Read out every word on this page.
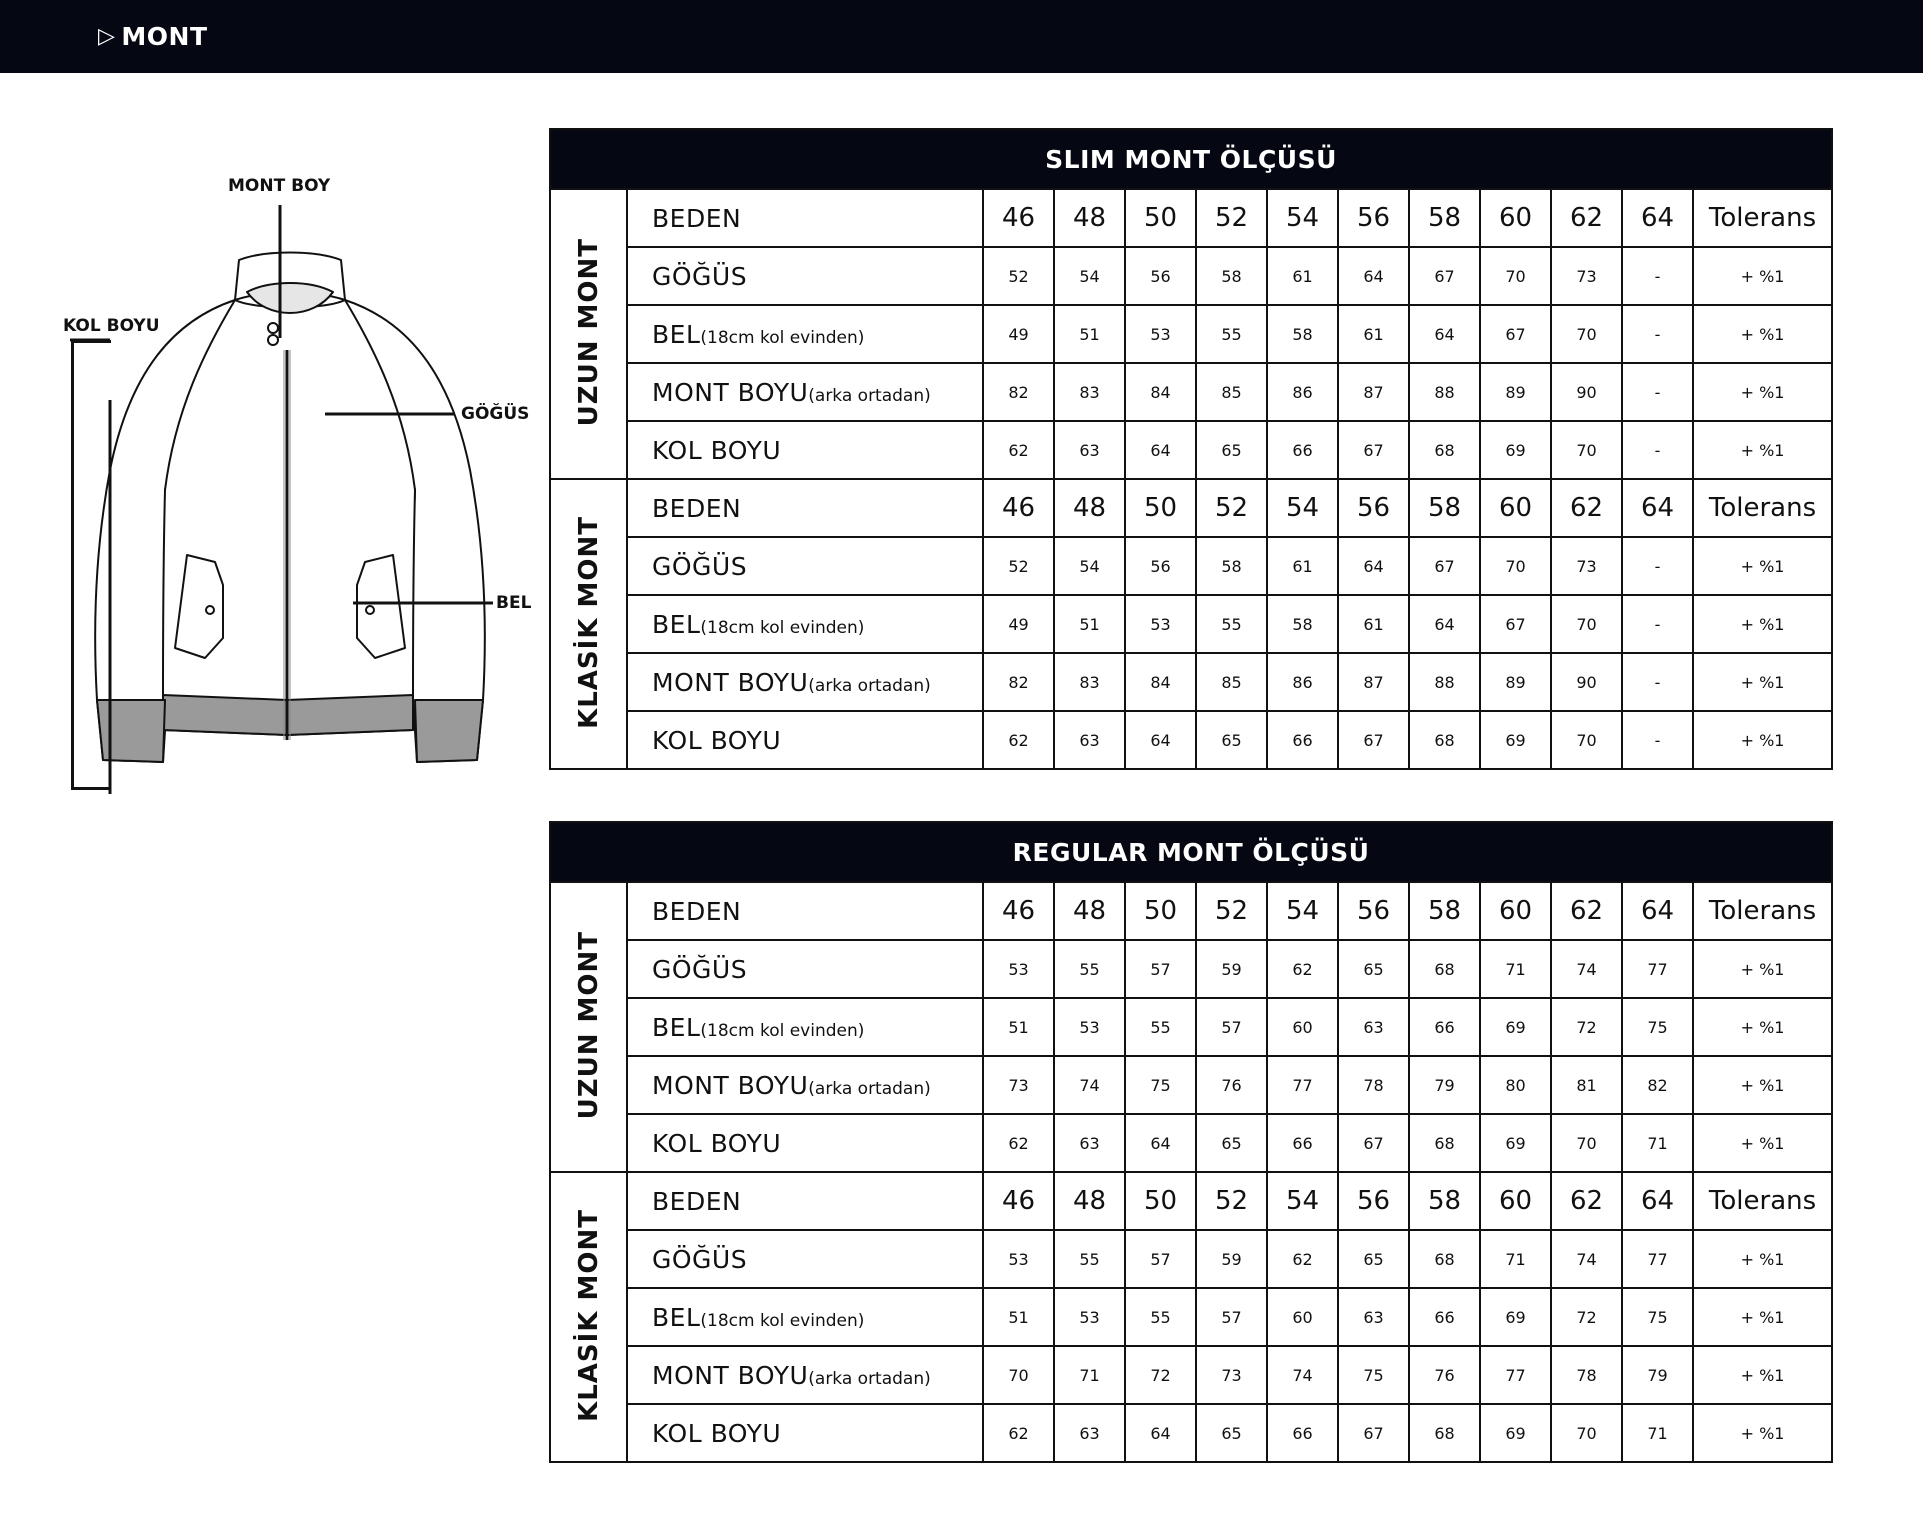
▷ MONT
MONT BOY
KOL BOYU
GÖĞÜS
BEL
SLIM MONT ÖLÇÜSÜ												
UZUN MONT	BEDEN	46	48	50	52	54	56	58	60	62	64	Tolerans
	GÖĞÜS	52	54	56	58	61	64	67	70	73	-	+ %1
	BEL(18cm kol evinden)	49	51	53	55	58	61	64	67	70	-	+ %1
	MONT BOYU(arka ortadan)	82	83	84	85	86	87	88	89	90	-	+ %1
	KOL BOYU	62	63	64	65	66	67	68	69	70	-	+ %1
KLASİK MONT	BEDEN	46	48	50	52	54	56	58	60	62	64	Tolerans
	GÖĞÜS	52	54	56	58	61	64	67	70	73	-	+ %1
	BEL(18cm kol evinden)	49	51	53	55	58	61	64	67	70	-	+ %1
	MONT BOYU(arka ortadan)	82	83	84	85	86	87	88	89	90	-	+ %1
	KOL BOYU	62	63	64	65	66	67	68	69	70	-	+ %1
REGULAR MONT ÖLÇÜSÜ												
UZUN MONT	BEDEN	46	48	50	52	54	56	58	60	62	64	Tolerans
	GÖĞÜS	53	55	57	59	62	65	68	71	74	77	+ %1
	BEL(18cm kol evinden)	51	53	55	57	60	63	66	69	72	75	+ %1
	MONT BOYU(arka ortadan)	73	74	75	76	77	78	79	80	81	82	+ %1
	KOL BOYU	62	63	64	65	66	67	68	69	70	71	+ %1
KLASİK MONT	BEDEN	46	48	50	52	54	56	58	60	62	64	Tolerans
	GÖĞÜS	53	55	57	59	62	65	68	71	74	77	+ %1
	BEL(18cm kol evinden)	51	53	55	57	60	63	66	69	72	75	+ %1
	MONT BOYU(arka ortadan)	70	71	72	73	74	75	76	77	78	79	+ %1
	KOL BOYU	62	63	64	65	66	67	68	69	70	71	+ %1
